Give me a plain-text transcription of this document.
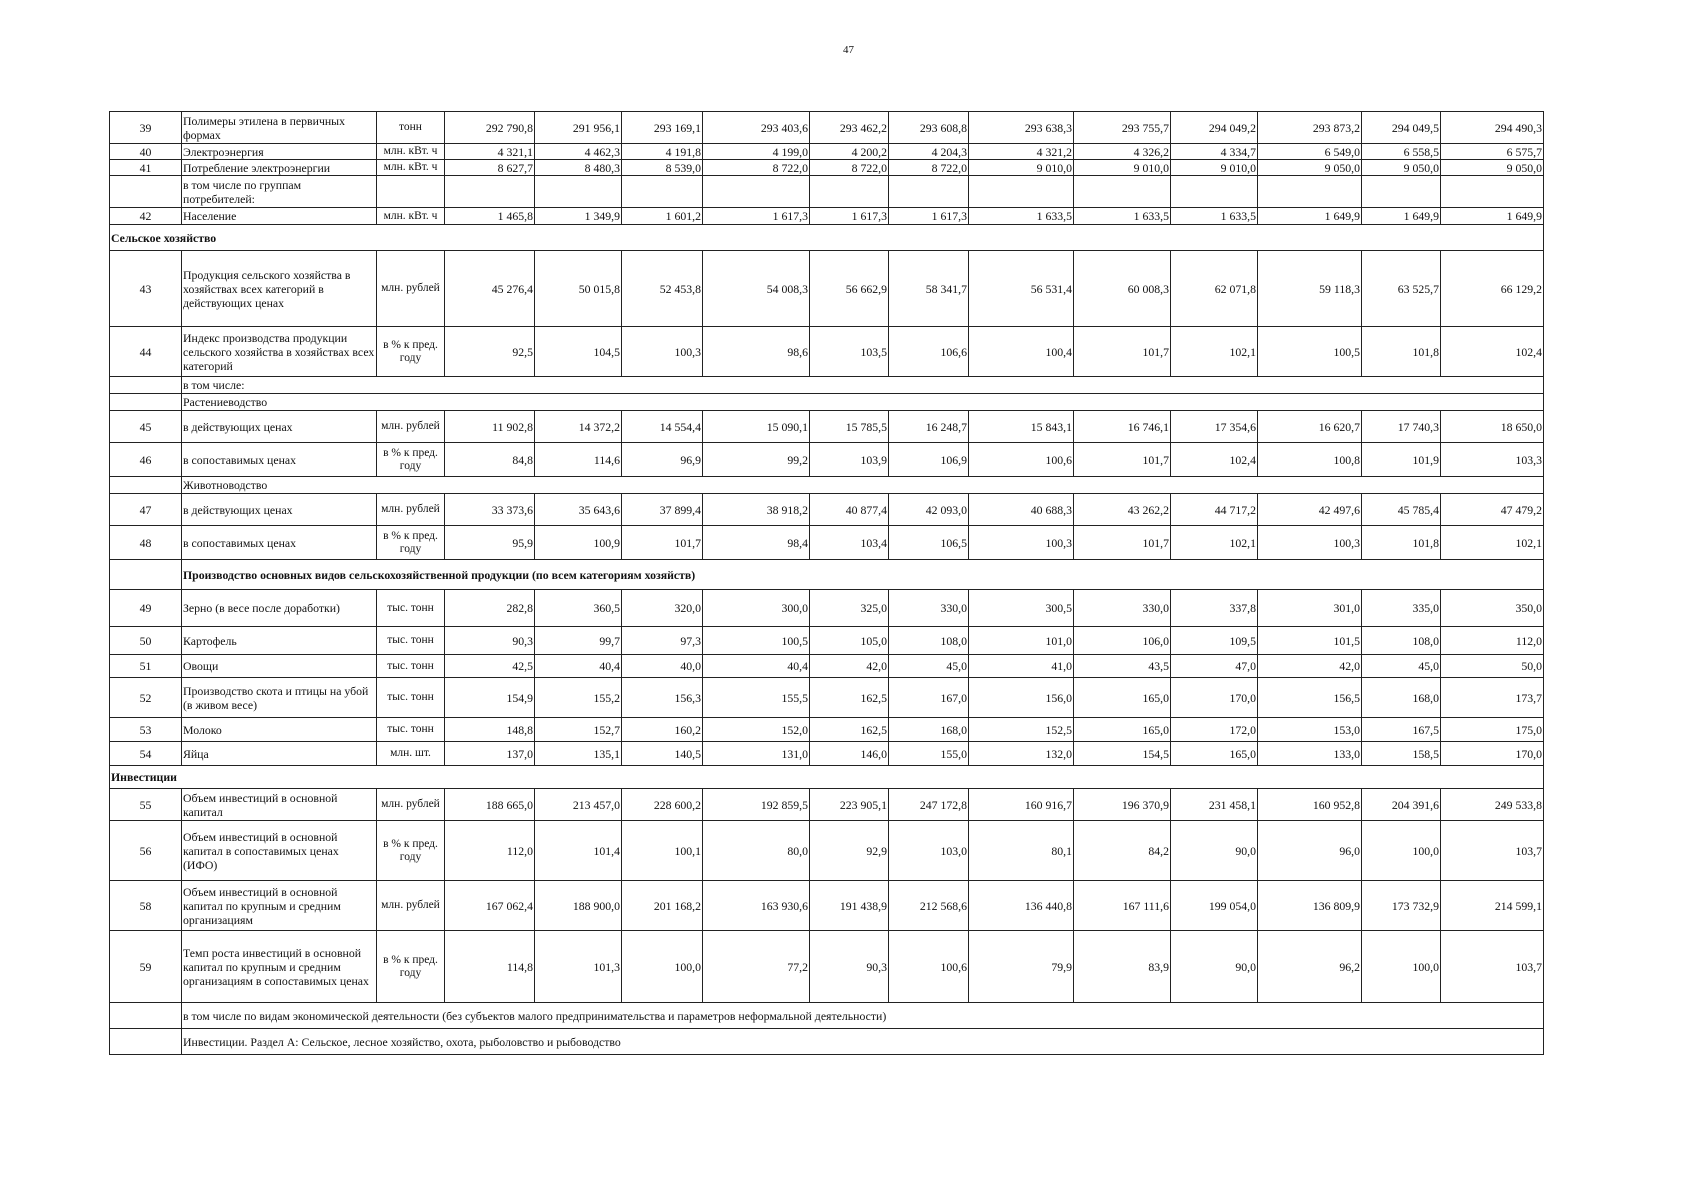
47
39	Полимеры этилена в первичных формах	тонн	292 790,8	291 956,1	293 169,1	293 403,6	293 462,2	293 608,8	293 638,3	293 755,7	294 049,2	293 873,2	294 049,5	294 490,3
40	Электроэнергия	млн. кВт. ч	4 321,1	4 462,3	4 191,8	4 199,0	4 200,2	4 204,3	4 321,2	4 326,2	4 334,7	6 549,0	6 558,5	6 575,7
41	Потребление электроэнергии	млн. кВт. ч	8 627,7	8 480,3	8 539,0	8 722,0	8 722,0	8 722,0	9 010,0	9 010,0	9 010,0	9 050,0	9 050,0	9 050,0
	в том числе по группам потребителей:													
42	Население	млн. кВт. ч	1 465,8	1 349,9	1 601,2	1 617,3	1 617,3	1 617,3	1 633,5	1 633,5	1 633,5	1 649,9	1 649,9	1 649,9
Сельское хозяйство														
43	Продукция сельского хозяйства в хозяйствах всех категорий в действующих ценах	млн. рублей	45 276,4	50 015,8	52 453,8	54 008,3	56 662,9	58 341,7	56 531,4	60 008,3	62 071,8	59 118,3	63 525,7	66 129,2
44	Индекс производства продукции сельского хозяйства в хозяйствах всех категорий	в % к пред. году	92,5	104,5	100,3	98,6	103,5	106,6	100,4	101,7	102,1	100,5	101,8	102,4
	в том числе:													
	Растениеводство													
45	в действующих ценах	млн. рублей	11 902,8	14 372,2	14 554,4	15 090,1	15 785,5	16 248,7	15 843,1	16 746,1	17 354,6	16 620,7	17 740,3	18 650,0
46	в сопоставимых ценах	в % к пред. году	84,8	114,6	96,9	99,2	103,9	106,9	100,6	101,7	102,4	100,8	101,9	103,3
	Животноводство													
47	в действующих ценах	млн. рублей	33 373,6	35 643,6	37 899,4	38 918,2	40 877,4	42 093,0	40 688,3	43 262,2	44 717,2	42 497,6	45 785,4	47 479,2
48	в сопоставимых ценах	в % к пред. году	95,9	100,9	101,7	98,4	103,4	106,5	100,3	101,7	102,1	100,3	101,8	102,1
	Производство основных видов сельскохозяйственной продукции (по всем категориям хозяйств)													
49	Зерно (в весе после доработки)	тыс. тонн	282,8	360,5	320,0	300,0	325,0	330,0	300,5	330,0	337,8	301,0	335,0	350,0
50	Картофель	тыс. тонн	90,3	99,7	97,3	100,5	105,0	108,0	101,0	106,0	109,5	101,5	108,0	112,0
51	Овощи	тыс. тонн	42,5	40,4	40,0	40,4	42,0	45,0	41,0	43,5	47,0	42,0	45,0	50,0
52	Производство скота и птицы на убой (в живом весе)	тыс. тонн	154,9	155,2	156,3	155,5	162,5	167,0	156,0	165,0	170,0	156,5	168,0	173,7
53	Молоко	тыс. тонн	148,8	152,7	160,2	152,0	162,5	168,0	152,5	165,0	172,0	153,0	167,5	175,0
54	Яйца	млн. шт.	137,0	135,1	140,5	131,0	146,0	155,0	132,0	154,5	165,0	133,0	158,5	170,0
Инвестиции														
55	Объем инвестиций в основной капитал	млн. рублей	188 665,0	213 457,0	228 600,2	192 859,5	223 905,1	247 172,8	160 916,7	196 370,9	231 458,1	160 952,8	204 391,6	249 533,8
56	Объем инвестиций в основной капитал в сопоставимых ценах (ИФО)	в % к пред. году	112,0	101,4	100,1	80,0	92,9	103,0	80,1	84,2	90,0	96,0	100,0	103,7
58	Объем инвестиций в основной капитал по крупным и средним организациям	млн. рублей	167 062,4	188 900,0	201 168,2	163 930,6	191 438,9	212 568,6	136 440,8	167 111,6	199 054,0	136 809,9	173 732,9	214 599,1
59	Темп роста инвестиций в основной капитал по крупным и средним организациям в сопоставимых ценах	в % к пред. году	114,8	101,3	100,0	77,2	90,3	100,6	79,9	83,9	90,0	96,2	100,0	103,7
	в том числе по видам экономической деятельности (без субъектов малого предпринимательства и параметров неформальной деятельности)													
	Инвестиции. Раздел А: Сельское, лесное хозяйство, охота, рыболовство и рыбоводство													
